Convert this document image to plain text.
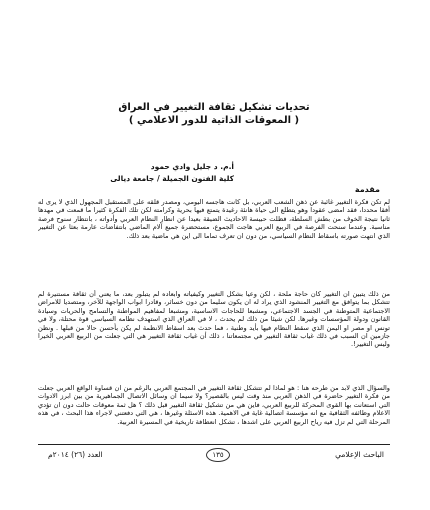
تحديات تشكيل ثقافة التغيير في العراق
( المعوقات الذاتية للدور الاعلامي )
أ.م. د جليل وادي حمود
كلية الفنون الجميلة / جامعة ديالى
مقدمة
لم تكن فكرة التغيير غائبة عن ذهن الشعب العربي، بل كانت هاجسه اليومي، ومصدر قلقه على المستقبل المجهول الذي لا يرى له أفقا محددا، فقد امضى عقودا وهو يتطلع الى حياة هانئة رغيدة يتمتع فيها بحرية وكرامته لكن تلك الفكرة كثيرا ما قمعت في مهدها ثانيا نتيجة الخوف من بطش السلطة، فظلت حبيسة الاحاديث الضيقة بعيدا عن انظار النظام العربي وأدواته ، بانتظار سنوح فرصة مناسبة. وعندما سنحت الفرصة في الربيع العربي هاجت الجموع، مستحضرة جميع آلام الماضي بانتفاضات عارمة بعثا عن التغيير الذي انتهت صورته باسقاط النظام السياسي، من دون ان تعرف تماما الى اين هي ماضية بعد ذلك.
من ذلك يتبين ان التغيير كان حاجة ملحة ، لكن وعيا بشكل التغيير وكيفياته وابعاده لم يتبلور بعد، ما يعني أن ثقافة مستنيرة لم تتشكل بما يتوافق مع التغيير المنشود الذي يراد له ان يكون سليما من دون خسائر، وقادرا ابواب الواجهة للآخر، ومتصديا للامراض الاجتماعية المتوطنة في الجسد الاجتماعي، ومشبعا للحاجات الاساسية، ومشبعا لمفاهيم المواطنة والتسامح والحريات وسيادة القانون ودولة المؤسسات وغيرها. لكن شيئا من ذلك لم يحدث ، لا في العراق الذي استهدف نظامه السياسي قوة محتلة، ولا في تونس او مصر او اليمن الذي سقط النظام فيها بأيد وطنية ، فما حدث بعد اسقاط الانظمة لم يكن بأحسن حالا من قبلها . ونظن جازمين ان السبب في ذلك غياب ثقافة التغيير في مجتمعاتنا ، ذلك أن غياب ثقافة التغيير هي التي جعلت من الربيع العربي الخيرا وليس التغيير!.
والسؤال الذي لابد من طرحه هنا : هو لماذا لم تتشكل ثقافة التغيير في المجتمع العربي بالرغم من ان قساوة الواقع العربي جعلت من فكرة التغيير حاضرة في الذهن العربي منذ وقت ليس بالقصير؟ ولا سيما ان وسائل الاتصال الجماهيرية من بين ابرز الادوات التي استعانت بها القوى المحركة للربيع العربي، فاين هي من تشكيل ثقافة التغيير قبل ذلك ؟ هل ثمة معوقات حالت دون ان تؤدي الاعلام وظائفه الثقافية مع انه مؤسسة اتصالية غاية في الاهمية. هذه الاسئلة وغيرها ، هي التي دفعتني لاجراء هذا البحث ، في هذه المرحلة التي لم تزل فيه رياح الربيع العربي على اشدها ، تشكل انعطافة تاريخية في المسيرة العربية.
الباحث الإعلامي
١٣٥
العدد (٢٦) ٢٠١٤م
